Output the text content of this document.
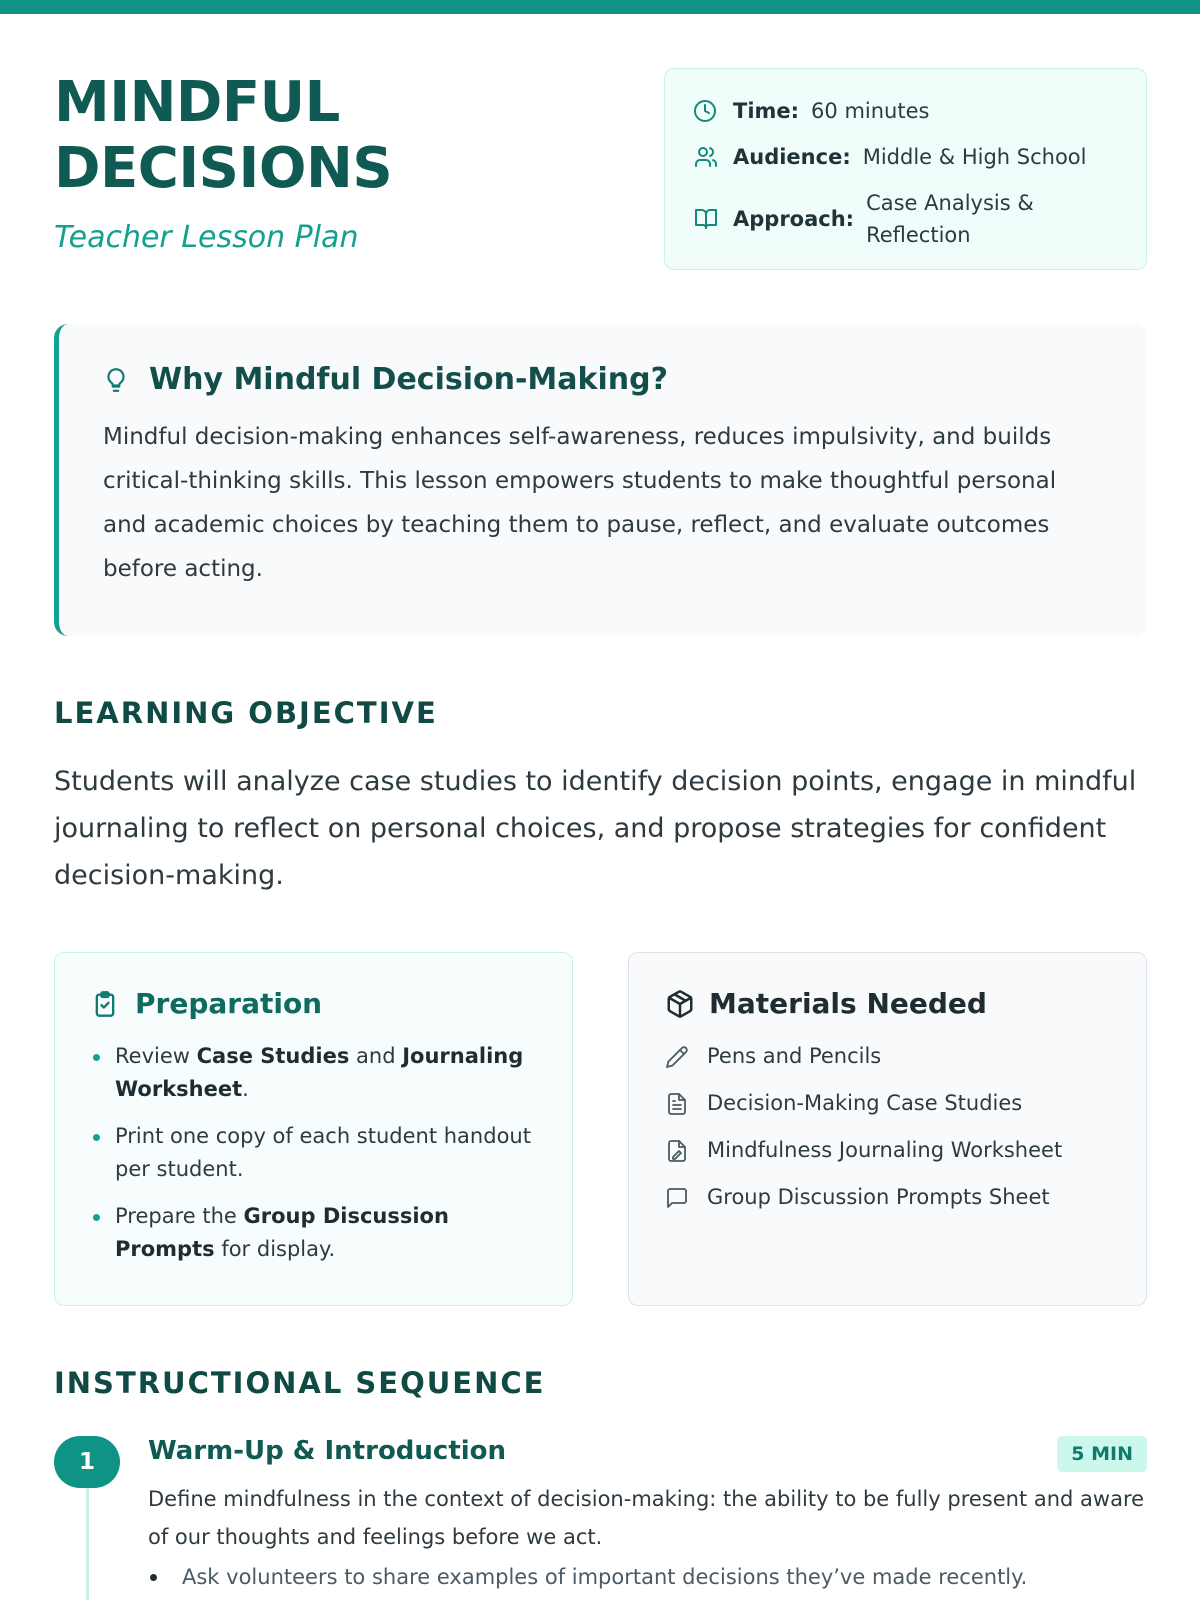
MINDFUL
DECISIONS
Teacher Lesson Plan
Time: 60 minutes
Audience: Middle & High School
Approach:
Case Analysis & Reflection
Why Mindful Decision-Making?

Mindful decision-making enhances self-awareness, reduces impulsivity, and builds critical-thinking skills. This lesson empowers students to make thoughtful personal and academic choices by teaching them to pause, reflect, and evaluate outcomes before acting.

LEARNING OBJECTIVE

Students will analyze case studies to identify decision points, engage in mindful journaling to reflect on personal choices, and propose strategies for confident decision-making.

Preparation
Review Case Studies and Journaling Worksheet.
Print one copy of each student handout per student.
Prepare the Group Discussion Prompts for display.
Materials Needed
Pens and Pencils
Decision-Making Case Studies
Mindfulness Journaling Worksheet
Group Discussion Prompts Sheet
INSTRUCTIONAL SEQUENCE
1	Warm-Up & Introduction	5 MIN

Define mindfulness in the context of decision-making: the ability to be fully present and aware of our thoughts and feelings before we act.

Ask volunteers to share examples of important decisions they’ve made recently.
